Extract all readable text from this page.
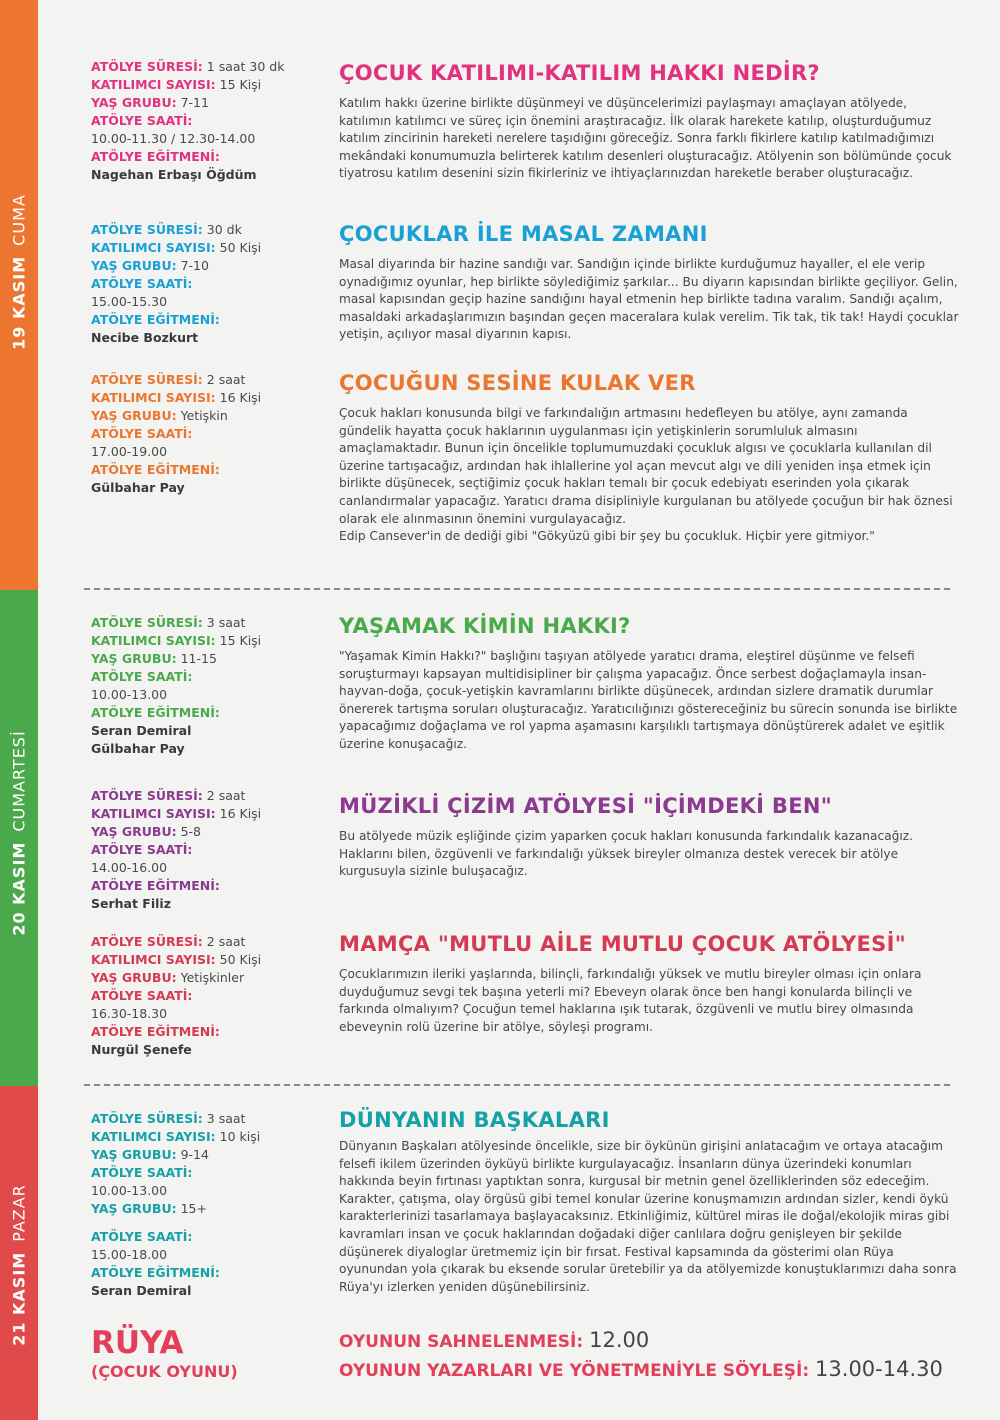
19 KASIMCUMA
20 KASIMCUMARTESİ
21 KASIMPAZAR
ATÖLYE SÜRESİ: 1 saat 30 dk
KATILIMCI SAYISI: 15 Kişi
YAŞ GRUBU: 7-11
ATÖLYE SAATİ:
10.00-11.30 / 12.30-14.00
ATÖLYE EĞİTMENİ:
Nagehan Erbaşı Öğdüm
ÇOCUK KATILIMI-KATILIM HAKKI NEDİR?

Katılım hakkı üzerine birlikte düşünmeyi ve düşüncelerimizi paylaşmayı amaçlayan atölyede, katılımın katılımcı ve süreç için önemini araştıracağız. İlk olarak harekete katılıp, oluşturduğumuz katılım zincirinin hareketi nerelere taşıdığını göreceğiz. Sonra farklı fikirlere katılıp katılmadığımızı mekândaki konumumuzla belirterek katılım desenleri oluşturacağız. Atölyenin son bölümünde çocuk tiyatrosu katılım desenini sizin fikirleriniz ve ihtiyaçlarınızdan hareketle beraber oluşturacağız.

ATÖLYE SÜRESİ: 30 dk
KATILIMCI SAYISI: 50 Kişi
YAŞ GRUBU: 7-10
ATÖLYE SAATİ:
15.00-15.30
ATÖLYE EĞİTMENİ:
Necibe Bozkurt
ÇOCUKLAR İLE MASAL ZAMANI

Masal diyarında bir hazine sandığı var. Sandığın içinde birlikte kurduğumuz hayaller, el ele verip oynadığımız oyunlar, hep birlikte söylediğimiz şarkılar... Bu diyarın kapısından birlikte geçiliyor. Gelin, masal kapısından geçip hazine sandığını hayal etmenin hep birlikte tadına varalım. Sandığı açalım, masaldaki arkadaşlarımızın başından geçen maceralara kulak verelim. Tik tak, tik tak! Haydi çocuklar yetişin, açılıyor masal diyarının kapısı.

ATÖLYE SÜRESİ: 2 saat
KATILIMCI SAYISI: 16 Kişi
YAŞ GRUBU: Yetişkin
ATÖLYE SAATİ:
17.00-19.00
ATÖLYE EĞİTMENİ:
Gülbahar Pay
ÇOCUĞUN SESİNE KULAK VER

Çocuk hakları konusunda bilgi ve farkındalığın artmasını hedefleyen bu atölye, aynı zamanda gündelik hayatta çocuk haklarının uygulanması için yetişkinlerin sorumluluk almasını amaçlamaktadır. Bunun için öncelikle toplumumuzdaki çocukluk algısı ve çocuklarla kullanılan dil üzerine tartışacağız, ardından hak ihlallerine yol açan mevcut algı ve dili yeniden inşa etmek için birlikte düşünecek, seçtiğimiz çocuk hakları temalı bir çocuk edebiyatı eserinden yola çıkarak canlandırmalar yapacağız. Yaratıcı drama disipliniyle kurgulanan bu atölyede çocuğun bir hak öznesi olarak ele alınmasının önemini vurgulayacağız.

Edip Cansever'in de dediği gibi "Gökyüzü gibi bir şey bu çocukluk. Hiçbir yere gitmiyor."

ATÖLYE SÜRESİ: 3 saat
KATILIMCI SAYISI: 15 Kişi
YAŞ GRUBU: 11-15
ATÖLYE SAATİ:
10.00-13.00
ATÖLYE EĞİTMENİ:
Seran Demiral
Gülbahar Pay
YAŞAMAK KİMİN HAKKI?

"Yaşamak Kimin Hakkı?" başlığını taşıyan atölyede yaratıcı drama, eleştirel düşünme ve felsefi soruşturmayı kapsayan multidisipliner bir çalışma yapacağız. Önce serbest doğaçlamayla insan-hayvan-doğa, çocuk-yetişkin kavramlarını birlikte düşünecek, ardından sizlere dramatik durumlar önererek tartışma soruları oluşturacağız. Yaratıcılığınızı göstereceğiniz bu sürecin sonunda ise birlikte yapacağımız doğaçlama ve rol yapma aşamasını karşılıklı tartışmaya dönüştürerek adalet ve eşitlik üzerine konuşacağız.

ATÖLYE SÜRESİ: 2 saat
KATILIMCI SAYISI: 16 Kişi
YAŞ GRUBU: 5-8
ATÖLYE SAATİ:
14.00-16.00
ATÖLYE EĞİTMENİ:
Serhat Filiz
MÜZİKLİ ÇİZİM ATÖLYESİ "İÇİMDEKİ BEN"

Bu atölyede müzik eşliğinde çizim yaparken çocuk hakları konusunda farkındalık kazanacağız. Haklarını bilen, özgüvenli ve farkındalığı yüksek bireyler olmanıza destek verecek bir atölye kurgusuyla sizinle buluşacağız.

ATÖLYE SÜRESİ: 2 saat
KATILIMCI SAYISI: 50 Kişi
YAŞ GRUBU: Yetişkinler
ATÖLYE SAATİ:
16.30-18.30
ATÖLYE EĞİTMENİ:
Nurgül Şenefe
MAMÇA "MUTLU AİLE MUTLU ÇOCUK ATÖLYESİ"

Çocuklarımızın ileriki yaşlarında, bilinçli, farkındalığı yüksek ve mutlu bireyler olması için onlara duyduğumuz sevgi tek başına yeterli mi? Ebeveyn olarak önce ben hangi konularda bilinçli ve farkında olmalıyım? Çocuğun temel haklarına ışık tutarak, özgüvenli ve mutlu birey olmasında ebeveynin rolü üzerine bir atölye, söyleşi programı.

ATÖLYE SÜRESİ: 3 saat
KATILIMCI SAYISI: 10 kişi
YAŞ GRUBU: 9-14
ATÖLYE SAATİ:
10.00-13.00
YAŞ GRUBU: 15+
ATÖLYE SAATİ:
15.00-18.00
ATÖLYE EĞİTMENİ:
Seran Demiral
DÜNYANIN BAŞKALARI

Dünyanın Başkaları atölyesinde öncelikle, size bir öykünün girişini anlatacağım ve ortaya atacağım felsefi ikilem üzerinden öyküyü birlikte kurgulayacağız. İnsanların dünya üzerindeki konumları hakkında beyin fırtınası yaptıktan sonra, kurgusal bir metnin genel özelliklerinden söz edeceğim. Karakter, çatışma, olay örgüsü gibi temel konular üzerine konuşmamızın ardından sizler, kendi öykü karakterlerinizi tasarlamaya başlayacaksınız. Etkinliğimiz, kültürel miras ile doğal/ekolojik miras gibi kavramları insan ve çocuk haklarından doğadaki diğer canlılara doğru genişleyen bir şekilde düşünerek diyaloglar üretmemiz için bir fırsat. Festival kapsamında da gösterimi olan Rüya oyunundan yola çıkarak bu eksende sorular üretebilir ya da atölyemizde konuştuklarımızı daha sonra Rüya'yı izlerken yeniden düşünebilirsiniz.

RÜYA
(ÇOCUK OYUNU)
OYUNUN SAHNELENMESİ: 12.00
OYUNUN YAZARLARI VE YÖNETMENİYLE SÖYLEŞİ: 13.00-14.30
